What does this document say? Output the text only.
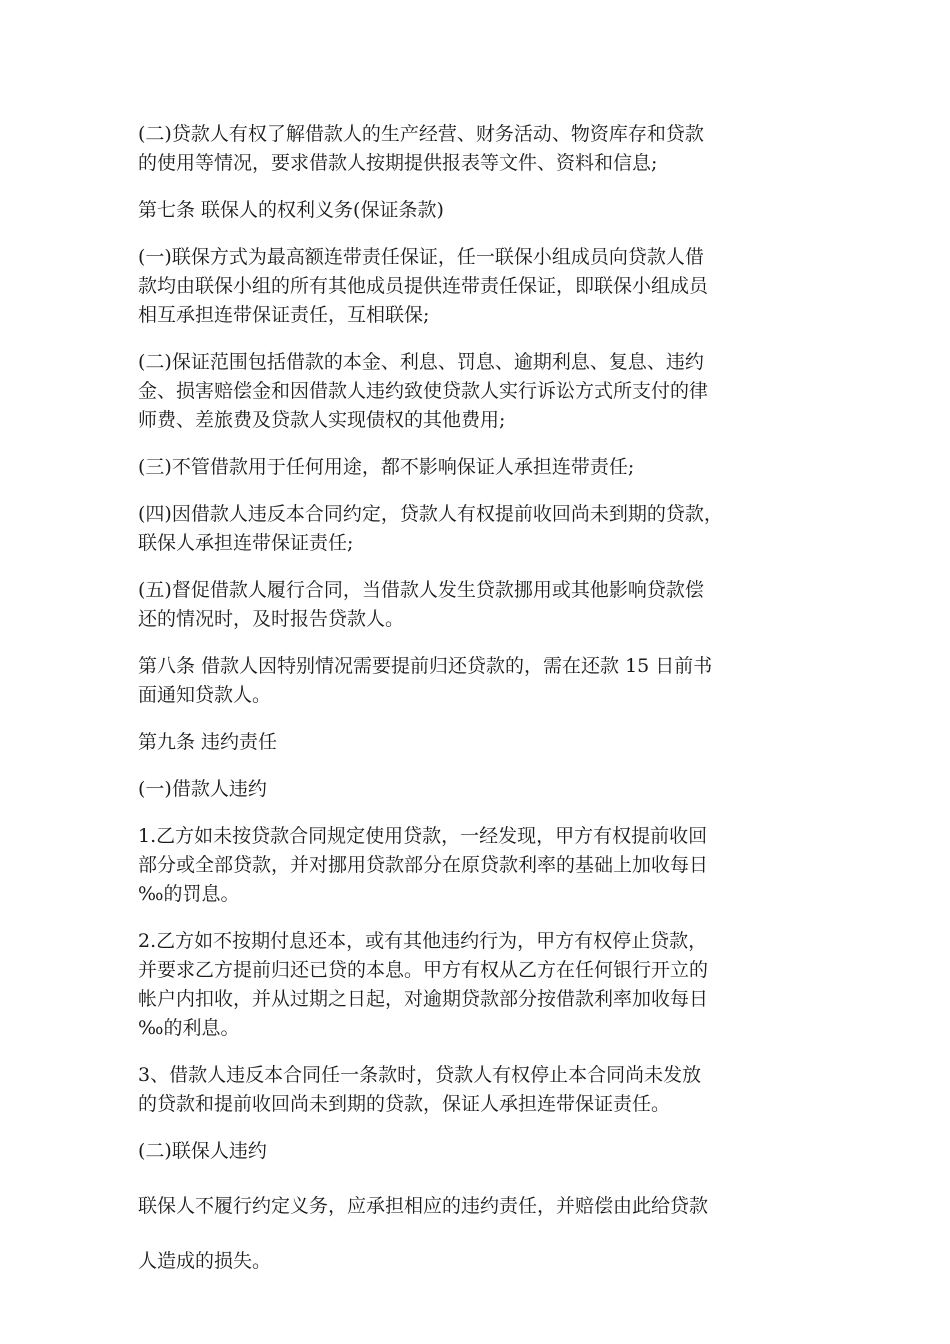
(二)贷款人有权了解借款人的生产经营、财务活动、物资库存和贷款
的使用等情况，要求借款人按期提供报表等文件、资料和信息;

第七条 联保人的权利义务(保证条款)

(一)联保方式为最高额连带责任保证，任一联保小组成员向贷款人借
款均由联保小组的所有其他成员提供连带责任保证，即联保小组成员
相互承担连带保证责任，互相联保;

(二)保证范围包括借款的本金、利息、罚息、逾期利息、复息、违约
金、损害赔偿金和因借款人违约致使贷款人实行诉讼方式所支付的律
师费、差旅费及贷款人实现债权的其他费用;

(三)不管借款用于任何用途，都不影响保证人承担连带责任;

(四)因借款人违反本合同约定，贷款人有权提前收回尚未到期的贷款，
联保人承担连带保证责任;

(五)督促借款人履行合同，当借款人发生贷款挪用或其他影响贷款偿
还的情况时，及时报告贷款人。

第八条 借款人因特别情况需要提前归还贷款的，需在还款 15 日前书
面通知贷款人。

第九条 违约责任

(一)借款人违约

1.乙方如未按贷款合同规定使用贷款，一经发现，甲方有权提前收回
部分或全部贷款，并对挪用贷款部分在原贷款利率的基础上加收每日
‰的罚息。

2.乙方如不按期付息还本，或有其他违约行为，甲方有权停止贷款，
并要求乙方提前归还已贷的本息。甲方有权从乙方在任何银行开立的
帐户内扣收，并从过期之日起，对逾期贷款部分按借款利率加收每日
‰的利息。

3、借款人违反本合同任一条款时，贷款人有权停止本合同尚未发放
的贷款和提前收回尚未到期的贷款，保证人承担连带保证责任。

(二)联保人违约

联保人不履行约定义务，应承担相应的违约责任，并赔偿由此给贷款

人造成的损失。
